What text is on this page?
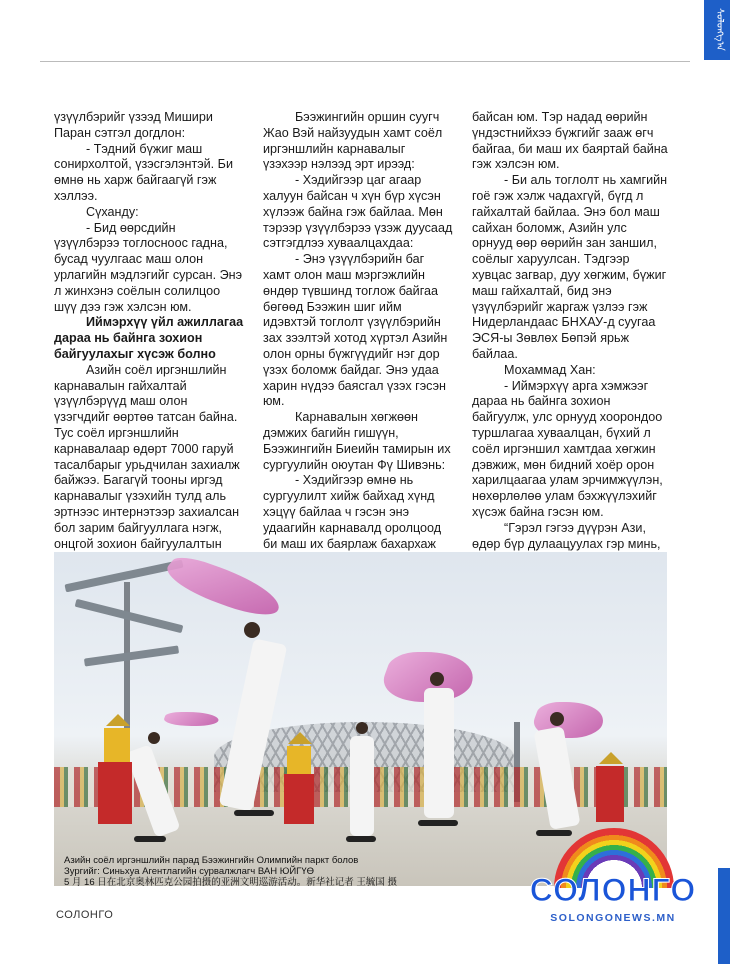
ᠰᠣᠯᠣᠩᠭ᠎ᠠ

үзүүлбэрийг үзээд Мишири Паран сэтгэл догдлон:

- Тэдний бүжиг маш сонирхолтой, үзэсгэлэнтэй. Би өмнө нь харж байгаагүй гэж хэллээ.

Сүханду:

- Бид өөрсдийн үзүүлбэрээ тоглосноос гадна, бусад чуулгаас маш олон урлагийн мэдлэгийг сурсан. Энэ л жинхэнэ соёлын солилцоо шүү дээ гэж хэлсэн юм.

Иймэрхүү үйл ажиллагаа дараа нь байнга зохион байгуулахыг хүсэж болно

Азийн соёл иргэншлийн карнавалын гайхалтай үзүүлбэрүүд маш олон үзэгчдийг өөртөө татсан байна. Тус соёл иргэншлийн карнавалаар өдөрт 7000 гаруй тасалбарыг урьдчилан захиалж байжээ. Багагүй тооны иргэд карнавалыг үзэхийн тулд аль эртнээс интернэтээр захиалсан бол зарим байгууллага нэгж, онцгой зохион байгуулалтын

Бээжингийн оршин суугч Жао Вэй найзуудын хамт соёл иргэншлийн карнавалыг үзэхээр нэлээд эрт ирээд:

- Хэдийгээр цаг агаар халуун байсан ч хүн бүр хүсэн хүлээж байна гэж байлаа. Мөн тэрээр үзүүлбэрээ үзэж дуусаад сэтгэгдлээ хуваалцахдаа:

- Энэ үзүүлбэрийн баг хамт олон маш мэргэжлийн өндөр түвшинд тоглож байгаа бөгөөд Бээжин шиг ийм идэвхтэй тоглолт үзүүлбэрийн зах зээлтэй хотод хүртэл Азийн олон орны бүжгүүдийг нэг дор үзэх боломж байдаг. Энэ удаа харин нүдээ баясгал үзэх гэсэн юм.

Карнавалын хөгжөөн дэмжих багийн гишүүн, Бээжингийн Биеийн тамирын их сургуулийн оюутан Фү Шивэнь:

- Хэдийгээр өмнө нь сургуулилт хийж байхад хүнд хэцүү байлаа ч гэсэн энэ удаагийн карнавалд оролцоод би маш их баярлаж бахархаж

байсан юм. Тэр надад өөрийн үндэстнийхээ бүжгийг зааж өгч байгаа, би маш их баяртай байна гэж хэлсэн юм.

- Би аль тоглолт нь хамгийн гоё гэж хэлж чадахгүй, бүгд л гайхалтай байлаа. Энэ бол маш сайхан боломж, Азийн улс орнууд өөр өөрийн зан заншил, соёлыг харуулсан. Тэдгээр хувцас загвар, дуу хөгжим, бүжиг маш гайхалтай, бид энэ үзүүлбэрийг жаргаж үзлээ гэж Нидерландаас БНХАУ-д суугаа ЭСЯ-ы Зөвлөх Бөпэй ярьж байлаа.

Мохаммад Хан:

- Иймэрхүү арга хэмжээг дараа нь байнга зохион байгуулж, улс орнууд хоорондоо туршлагаа хуваалцан, бүхий л соёл иргэншил хамтдаа хөгжин дэвжиж, мөн бидний хоёр орон харилцаагаа улам эрчимжүүлэн, нөхөрлөлөө улам бэхжүүлэхийг хүсэж байна гэсэн юм.

“Гэрэл гэгээ дүүрэн Ази, өдөр бүр дулаацуулах гэр минь,

Азийн соёл иргэншлийн парад Бээжингийн Олимпийн паркт болов
Зургийг: Синьхуа Агентлагийн сурвалжлагч ВАН ЮЙГҮӨ
5 月 16 日在北京奥林匹克公园拍摄的亚洲文明巡游活动。新华社记者 王毓国 摄	СОЛОНГО
SOLONGONEWS.MN
СОЛОНГО
